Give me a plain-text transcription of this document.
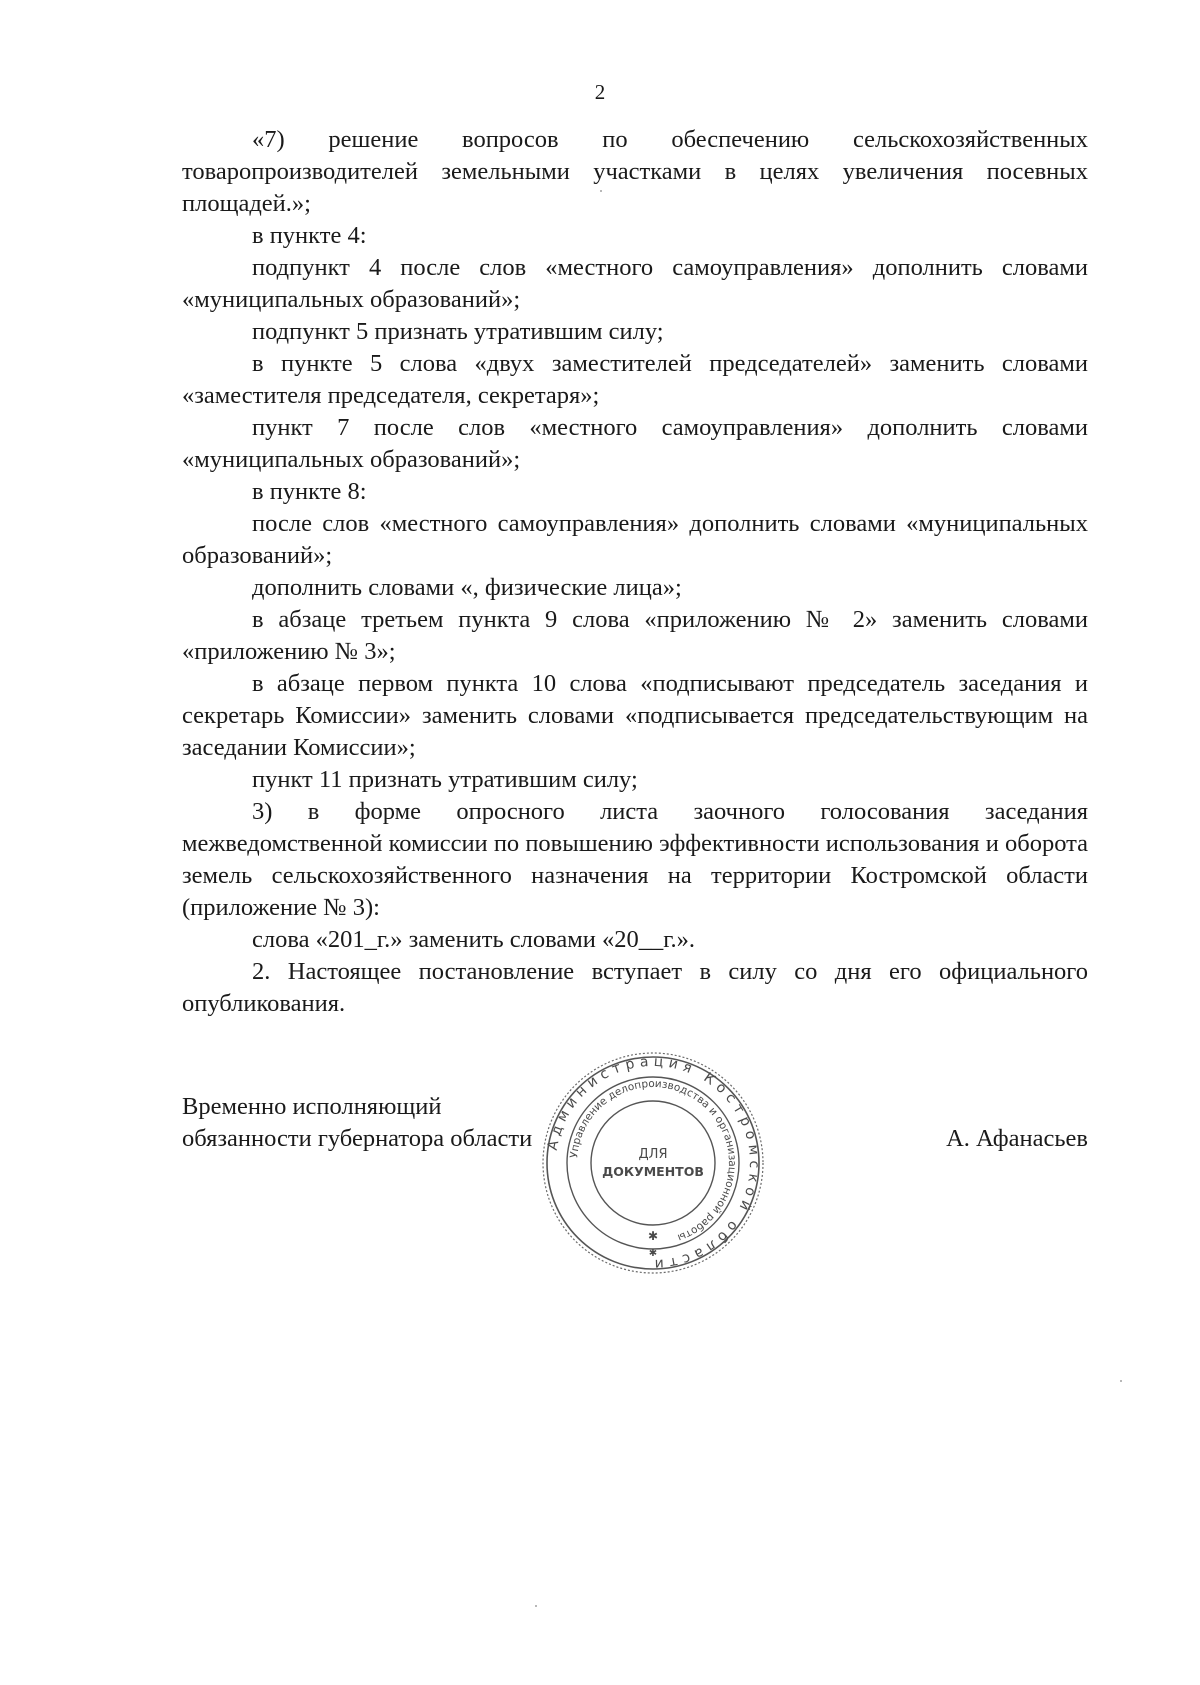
2

«7) решение вопросов по обеспечению сельскохозяйственных товаропроизводителей земельными участками в целях увеличения посевных площадей.»;

в пункте 4:

подпункт 4 после слов «местного самоуправления» дополнить словами «муниципальных образований»;

подпункт 5 признать утратившим силу;

в пункте 5 слова «двух заместителей председателей» заменить словами «заместителя председателя, секретаря»;

пункт 7 после слов «местного самоуправления» дополнить словами «муниципальных образований»;

в пункте 8:

после слов «местного самоуправления» дополнить словами «муниципальных образований»;

дополнить словами «, физические лица»;

в абзаце третьем пункта 9 слова «приложению № 2» заменить словами «приложению № 3»;

в абзаце первом пункта 10 слова «подписывают председатель заседания и секретарь Комиссии» заменить словами «подписывается председательствующим на заседании Комиссии»;

пункт 11 признать утратившим силу;

3) в форме опросного листа заочного голосования заседания межведомственной комиссии по повышению эффективности использования и оборота земель сельскохозяйственного назначения на территории Костромской области (приложение № 3):

слова «201_г.» заменить словами «20__г.».

2. Настоящее постановление вступает в силу со дня его официального опубликования.

Временно исполняющий
обязанности губернатора области	А. Афанасьев
Администрация Костромской области
Управление делопроизводства и организационной работы
ДЛЯ
ДОКУМЕНТОВ
✱
✱
